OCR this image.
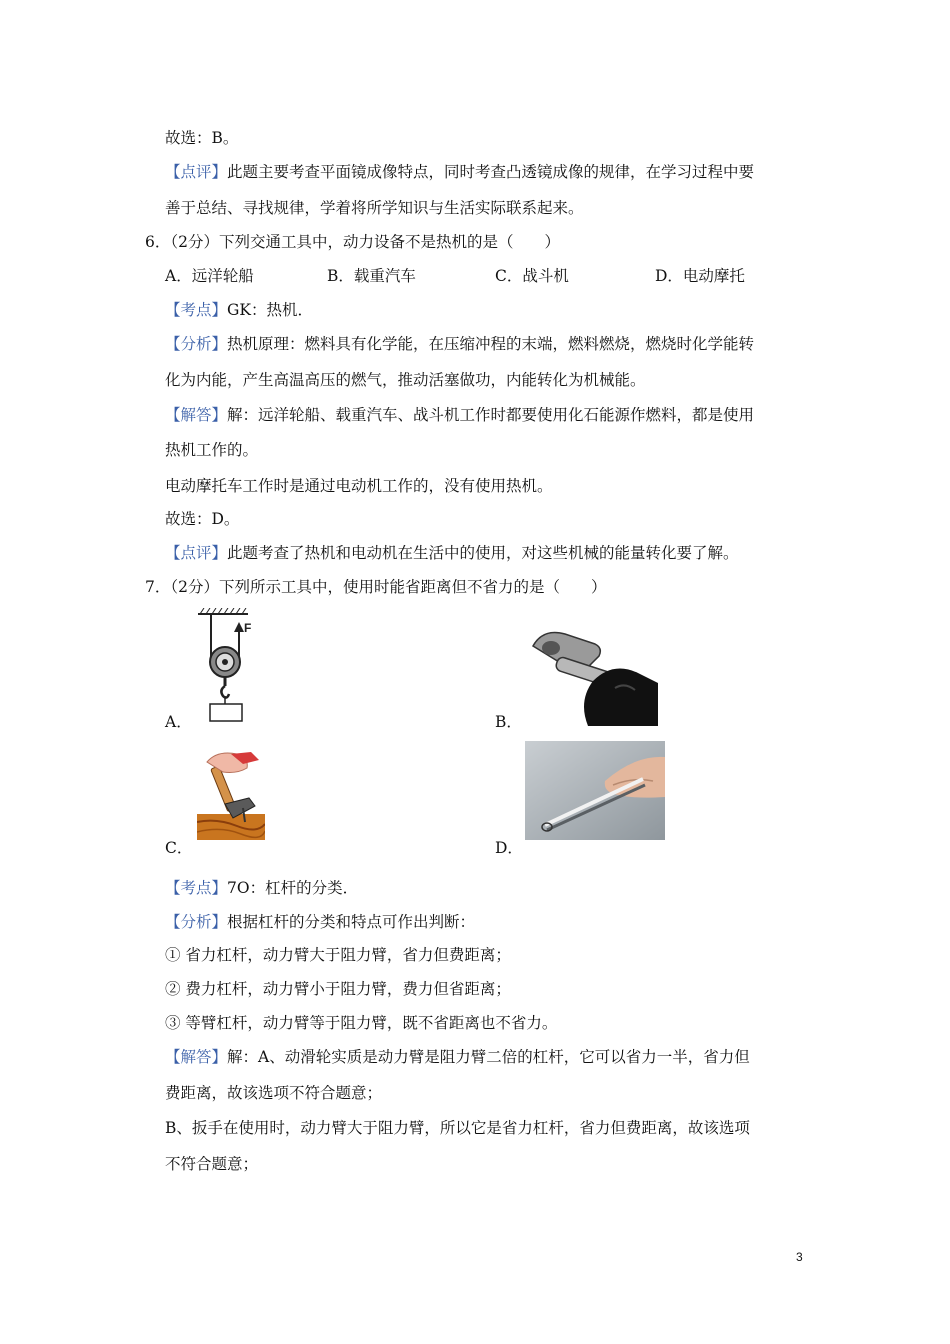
故选：B。
【点评】此题主要考查平面镜成像特点，同时考查凸透镜成像的规律，在学习过程中要
善于总结、寻找规律，学着将所学知识与生活实际联系起来。
6．（2分）下列交通工具中，动力设备不是热机的是（　　）
A．远洋轮船	B．载重汽车	C．战斗机	D．电动摩托
【考点】GK：热机．
【分析】热机原理：燃料具有化学能，在压缩冲程的末端，燃料燃烧，燃烧时化学能转
化为内能，产生高温高压的燃气，推动活塞做功，内能转化为机械能。
【解答】解：远洋轮船、载重汽车、战斗机工作时都要使用化石能源作燃料，都是使用
热机工作的。
电动摩托车工作时是通过电动机工作的，没有使用热机。
故选：D。
【点评】此题考查了热机和电动机在生活中的使用，对这些机械的能量转化要了解。
7．（2分）下列所示工具中，使用时能省距离但不省力的是（　　）
F
A．	B．
C．	D．
【考点】7O：杠杆的分类．
【分析】根据杠杆的分类和特点可作出判断：
① 省力杠杆，动力臂大于阻力臂，省力但费距离；
② 费力杠杆，动力臂小于阻力臂，费力但省距离；
③ 等臂杠杆，动力臂等于阻力臂，既不省距离也不省力。
【解答】解：A、动滑轮实质是动力臂是阻力臂二倍的杠杆，它可以省力一半，省力但
费距离，故该选项不符合题意；
B、扳手在使用时，动力臂大于阻力臂，所以它是省力杠杆，省力但费距离，故该选项
不符合题意；
3
